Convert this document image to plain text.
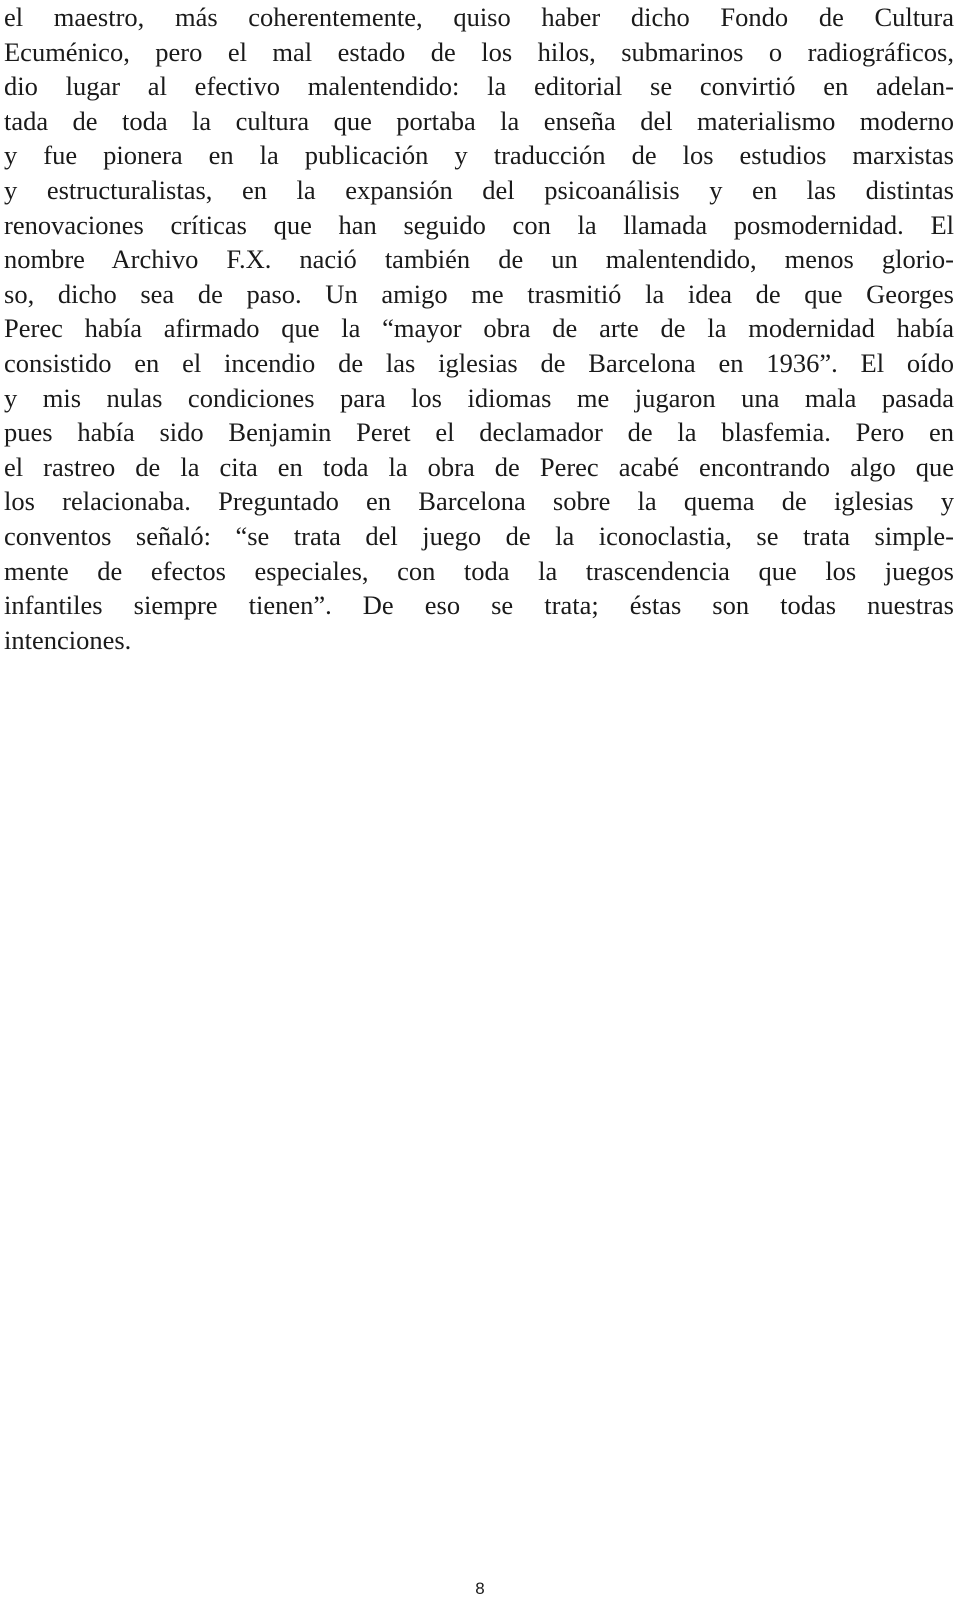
el maestro, más coherentemente, quiso haber dicho Fondo de Cultura
Ecuménico, pero el mal estado de los hilos, submarinos o radiográficos,
dio lugar al efectivo malentendido: la editorial se convirtió en adelan-
tada de toda la cultura que portaba la enseña del materialismo moderno
y fue pionera en la publicación y traducción de los estudios marxistas
y estructuralistas, en la expansión del psicoanálisis y en las distintas
renovaciones críticas que han seguido con la llamada posmodernidad. El
nombre Archivo F.X. nació también de un malentendido, menos glorio-
so, dicho sea de paso. Un amigo me trasmitió la idea de que Georges
Perec había afirmado que la “mayor obra de arte de la modernidad había
consistido en el incendio de las iglesias de Barcelona en 1936”. El oído
y mis nulas condiciones para los idiomas me jugaron una mala pasada
pues había sido Benjamin Peret el declamador de la blasfemia. Pero en
el rastreo de la cita en toda la obra de Perec acabé encontrando algo que
los relacionaba. Preguntado en Barcelona sobre la quema de iglesias y
conventos señaló: “se trata del juego de la iconoclastia, se trata simple-
mente de efectos especiales, con toda la trascendencia que los juegos
infantiles siempre tienen”. De eso se trata; éstas son todas nuestras
intenciones.

8
